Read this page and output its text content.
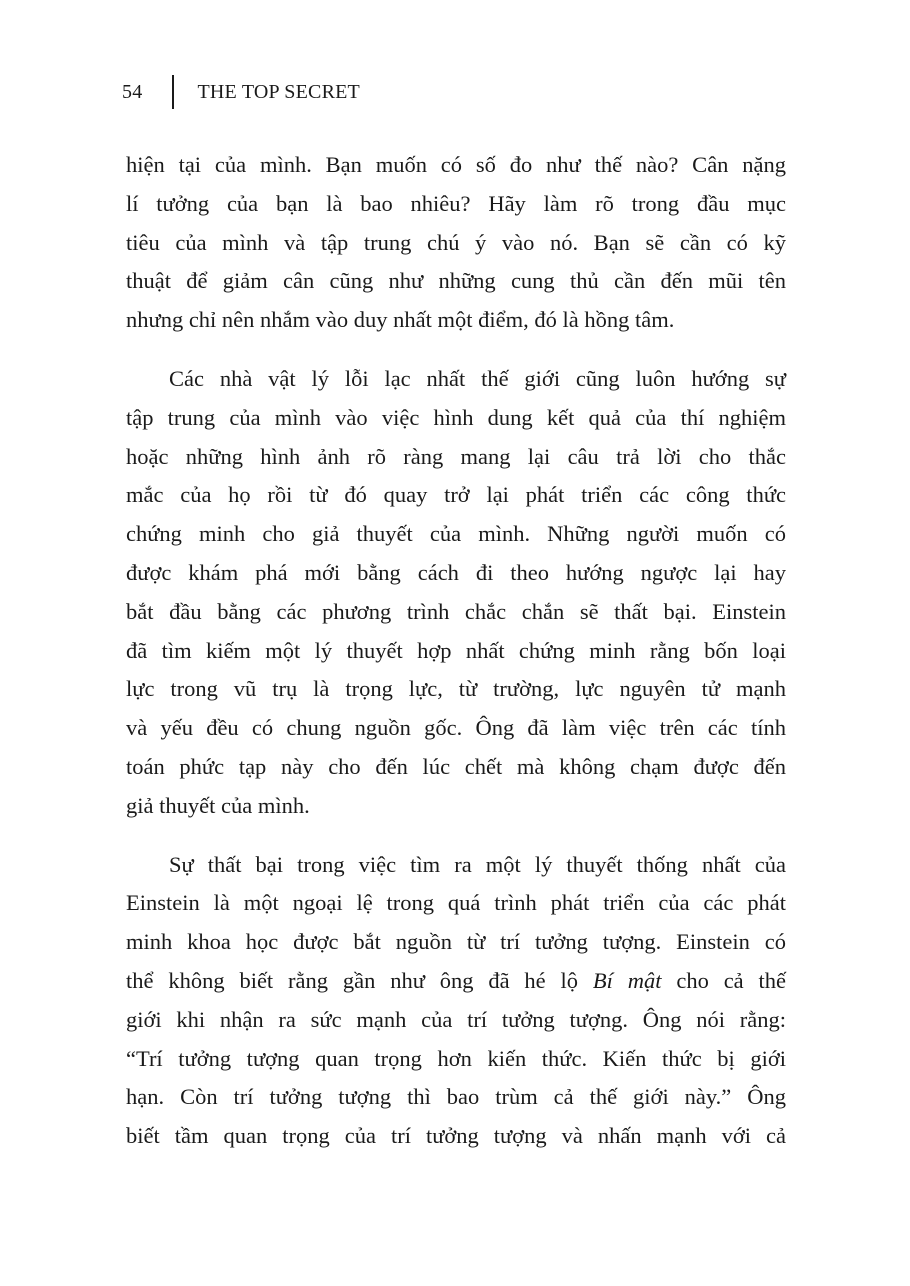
54	THE TOP SECRET
hiện tại của mình. Bạn muốn có số đo như thế nào? Cân nặng
lí tưởng của bạn là bao nhiêu? Hãy làm rõ trong đầu mục
tiêu của mình và tập trung chú ý vào nó. Bạn sẽ cần có kỹ
thuật để giảm cân cũng như những cung thủ cần đến mũi tên
nhưng chỉ nên nhắm vào duy nhất một điểm, đó là hồng tâm.
Các nhà vật lý lỗi lạc nhất thế giới cũng luôn hướng sự
tập trung của mình vào việc hình dung kết quả của thí nghiệm
hoặc những hình ảnh rõ ràng mang lại câu trả lời cho thắc
mắc của họ rồi từ đó quay trở lại phát triển các công thức
chứng minh cho giả thuyết của mình. Những người muốn có
được khám phá mới bằng cách đi theo hướng ngược lại hay
bắt đầu bằng các phương trình chắc chắn sẽ thất bại. Einstein
đã tìm kiếm một lý thuyết hợp nhất chứng minh rằng bốn loại
lực trong vũ trụ là trọng lực, từ trường, lực nguyên tử mạnh
và yếu đều có chung nguồn gốc. Ông đã làm việc trên các tính
toán phức tạp này cho đến lúc chết mà không chạm được đến
giả thuyết của mình.
Sự thất bại trong việc tìm ra một lý thuyết thống nhất của
Einstein là một ngoại lệ trong quá trình phát triển của các phát
minh khoa học được bắt nguồn từ trí tưởng tượng. Einstein có
thể không biết rằng gần như ông đã hé lộ Bí mật cho cả thế
giới khi nhận ra sức mạnh của trí tưởng tượng. Ông nói rằng:
“Trí tưởng tượng quan trọng hơn kiến thức. Kiến thức bị giới
hạn. Còn trí tưởng tượng thì bao trùm cả thế giới này.” Ông
biết tầm quan trọng của trí tưởng tượng và nhấn mạnh với cả
